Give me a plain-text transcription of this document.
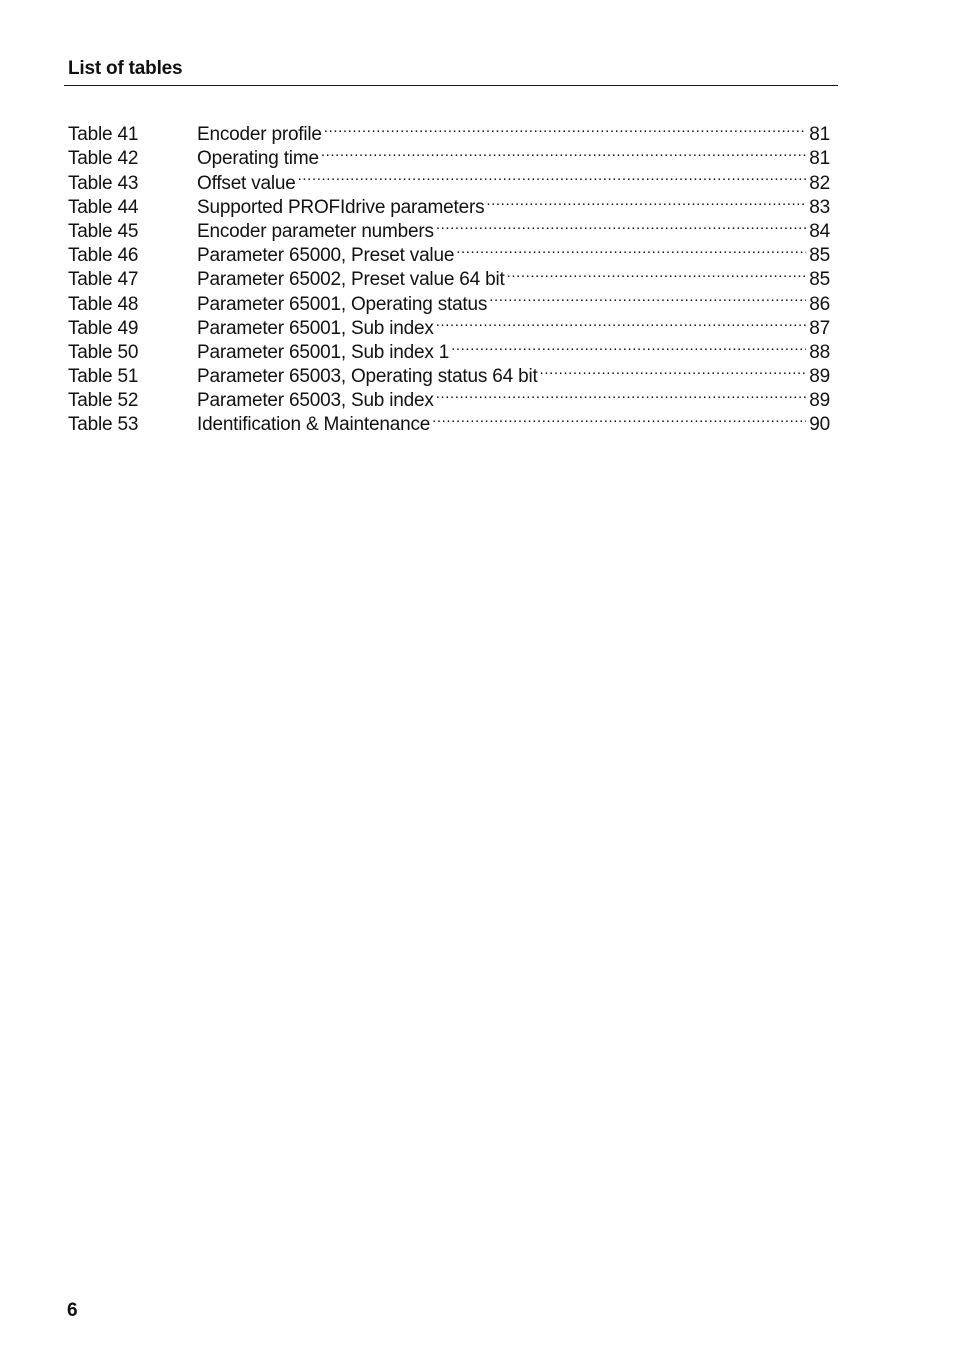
List of tables
Table 41	Encoder profile .....	81
Table 42	Operating time .....	81
Table 43	Offset value .....	82
Table 44	Supported PROFIdrive parameters .....	83
Table 45	Encoder parameter numbers .....	84
Table 46	Parameter 65000, Preset value .....	85
Table 47	Parameter 65002, Preset value 64 bit .....	85
Table 48	Parameter 65001, Operating status .....	86
Table 49	Parameter 65001, Sub index .....	87
Table 50	Parameter 65001, Sub index 1 .....	88
Table 51	Parameter 65003, Operating status 64 bit .....	89
Table 52	Parameter 65003, Sub index .....	89
Table 53	Identification & Maintenance .....	90
6
